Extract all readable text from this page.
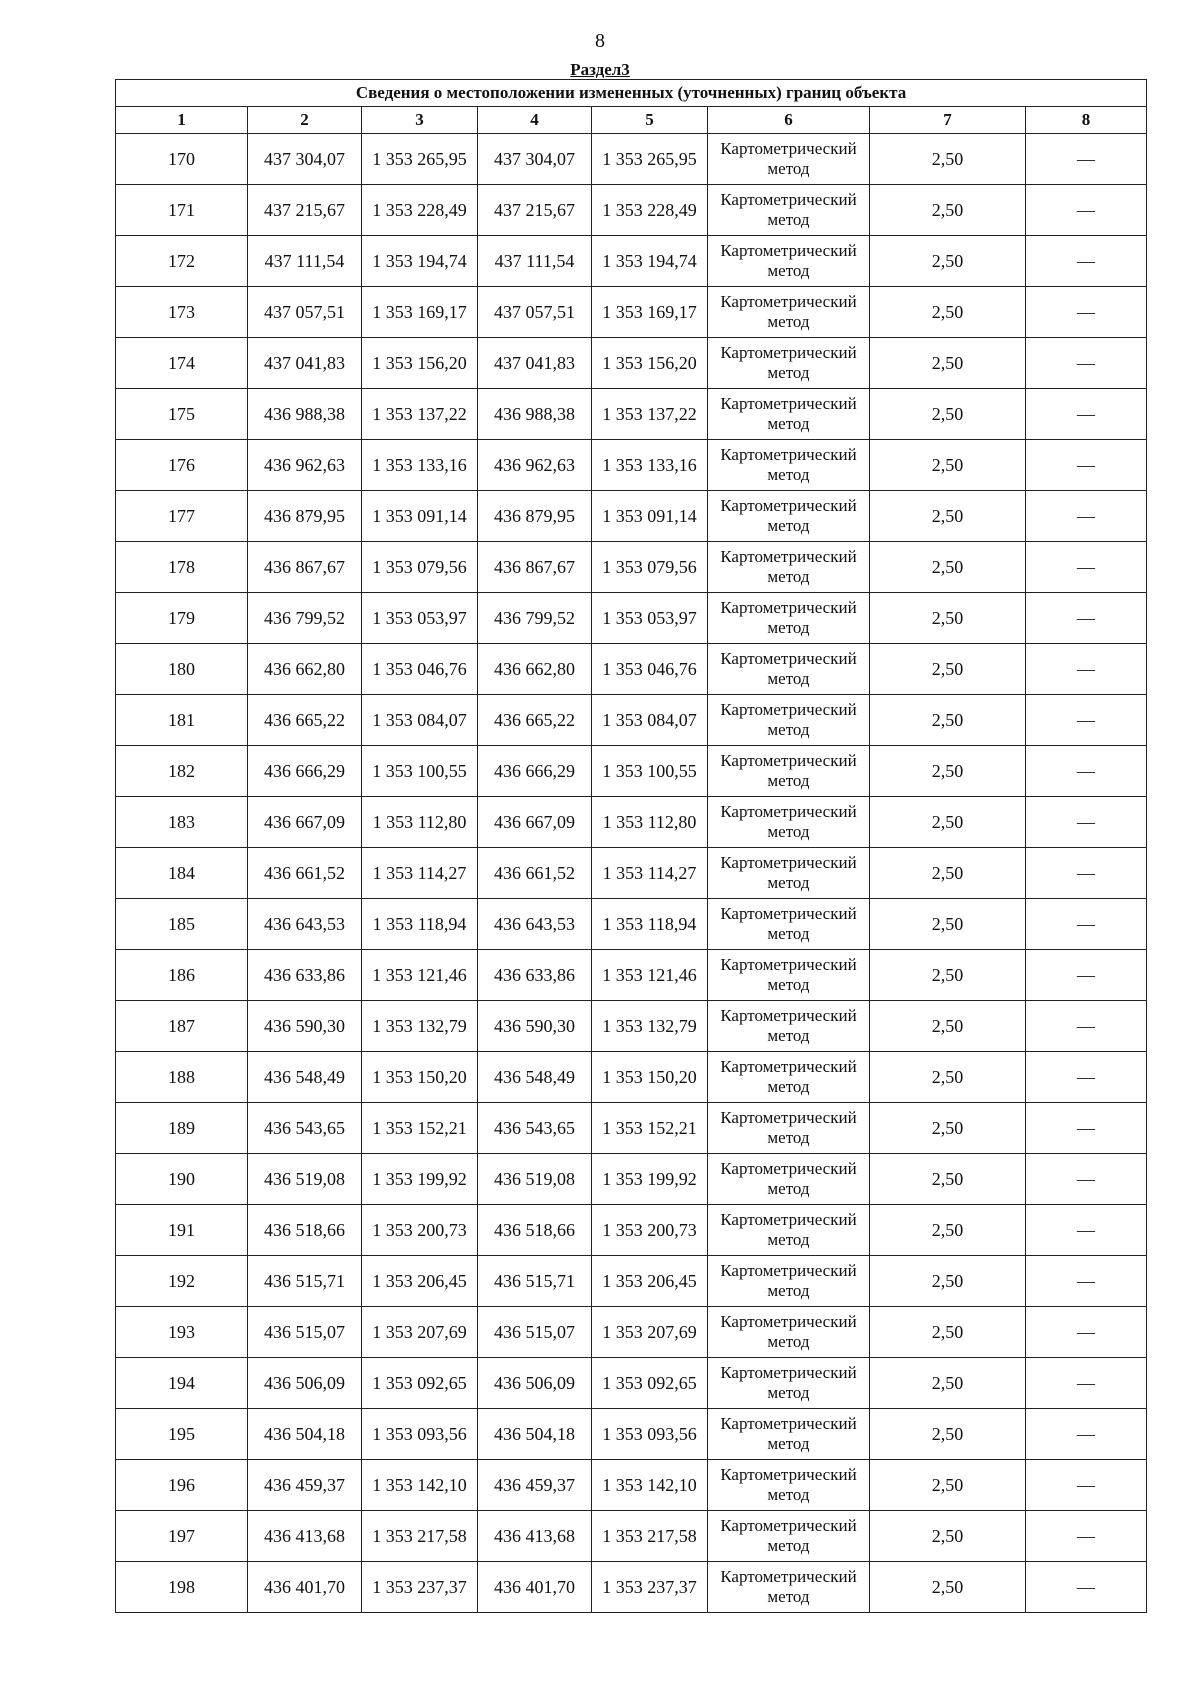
8
Раздел3
Сведения о местоположении измененных (уточненных) границ объекта							
1	2	3	4	5	6	7	8
170	437 304,07	1 353 265,95	437 304,07	1 353 265,95	Картометрический метод	2,50	—
171	437 215,67	1 353 228,49	437 215,67	1 353 228,49	Картометрический метод	2,50	—
172	437 111,54	1 353 194,74	437 111,54	1 353 194,74	Картометрический метод	2,50	—
173	437 057,51	1 353 169,17	437 057,51	1 353 169,17	Картометрический метод	2,50	—
174	437 041,83	1 353 156,20	437 041,83	1 353 156,20	Картометрический метод	2,50	—
175	436 988,38	1 353 137,22	436 988,38	1 353 137,22	Картометрический метод	2,50	—
176	436 962,63	1 353 133,16	436 962,63	1 353 133,16	Картометрический метод	2,50	—
177	436 879,95	1 353 091,14	436 879,95	1 353 091,14	Картометрический метод	2,50	—
178	436 867,67	1 353 079,56	436 867,67	1 353 079,56	Картометрический метод	2,50	—
179	436 799,52	1 353 053,97	436 799,52	1 353 053,97	Картометрический метод	2,50	—
180	436 662,80	1 353 046,76	436 662,80	1 353 046,76	Картометрический метод	2,50	—
181	436 665,22	1 353 084,07	436 665,22	1 353 084,07	Картометрический метод	2,50	—
182	436 666,29	1 353 100,55	436 666,29	1 353 100,55	Картометрический метод	2,50	—
183	436 667,09	1 353 112,80	436 667,09	1 353 112,80	Картометрический метод	2,50	—
184	436 661,52	1 353 114,27	436 661,52	1 353 114,27	Картометрический метод	2,50	—
185	436 643,53	1 353 118,94	436 643,53	1 353 118,94	Картометрический метод	2,50	—
186	436 633,86	1 353 121,46	436 633,86	1 353 121,46	Картометрический метод	2,50	—
187	436 590,30	1 353 132,79	436 590,30	1 353 132,79	Картометрический метод	2,50	—
188	436 548,49	1 353 150,20	436 548,49	1 353 150,20	Картометрический метод	2,50	—
189	436 543,65	1 353 152,21	436 543,65	1 353 152,21	Картометрический метод	2,50	—
190	436 519,08	1 353 199,92	436 519,08	1 353 199,92	Картометрический метод	2,50	—
191	436 518,66	1 353 200,73	436 518,66	1 353 200,73	Картометрический метод	2,50	—
192	436 515,71	1 353 206,45	436 515,71	1 353 206,45	Картометрический метод	2,50	—
193	436 515,07	1 353 207,69	436 515,07	1 353 207,69	Картометрический метод	2,50	—
194	436 506,09	1 353 092,65	436 506,09	1 353 092,65	Картометрический метод	2,50	—
195	436 504,18	1 353 093,56	436 504,18	1 353 093,56	Картометрический метод	2,50	—
196	436 459,37	1 353 142,10	436 459,37	1 353 142,10	Картометрический метод	2,50	—
197	436 413,68	1 353 217,58	436 413,68	1 353 217,58	Картометрический метод	2,50	—
198	436 401,70	1 353 237,37	436 401,70	1 353 237,37	Картометрический метод	2,50	—
